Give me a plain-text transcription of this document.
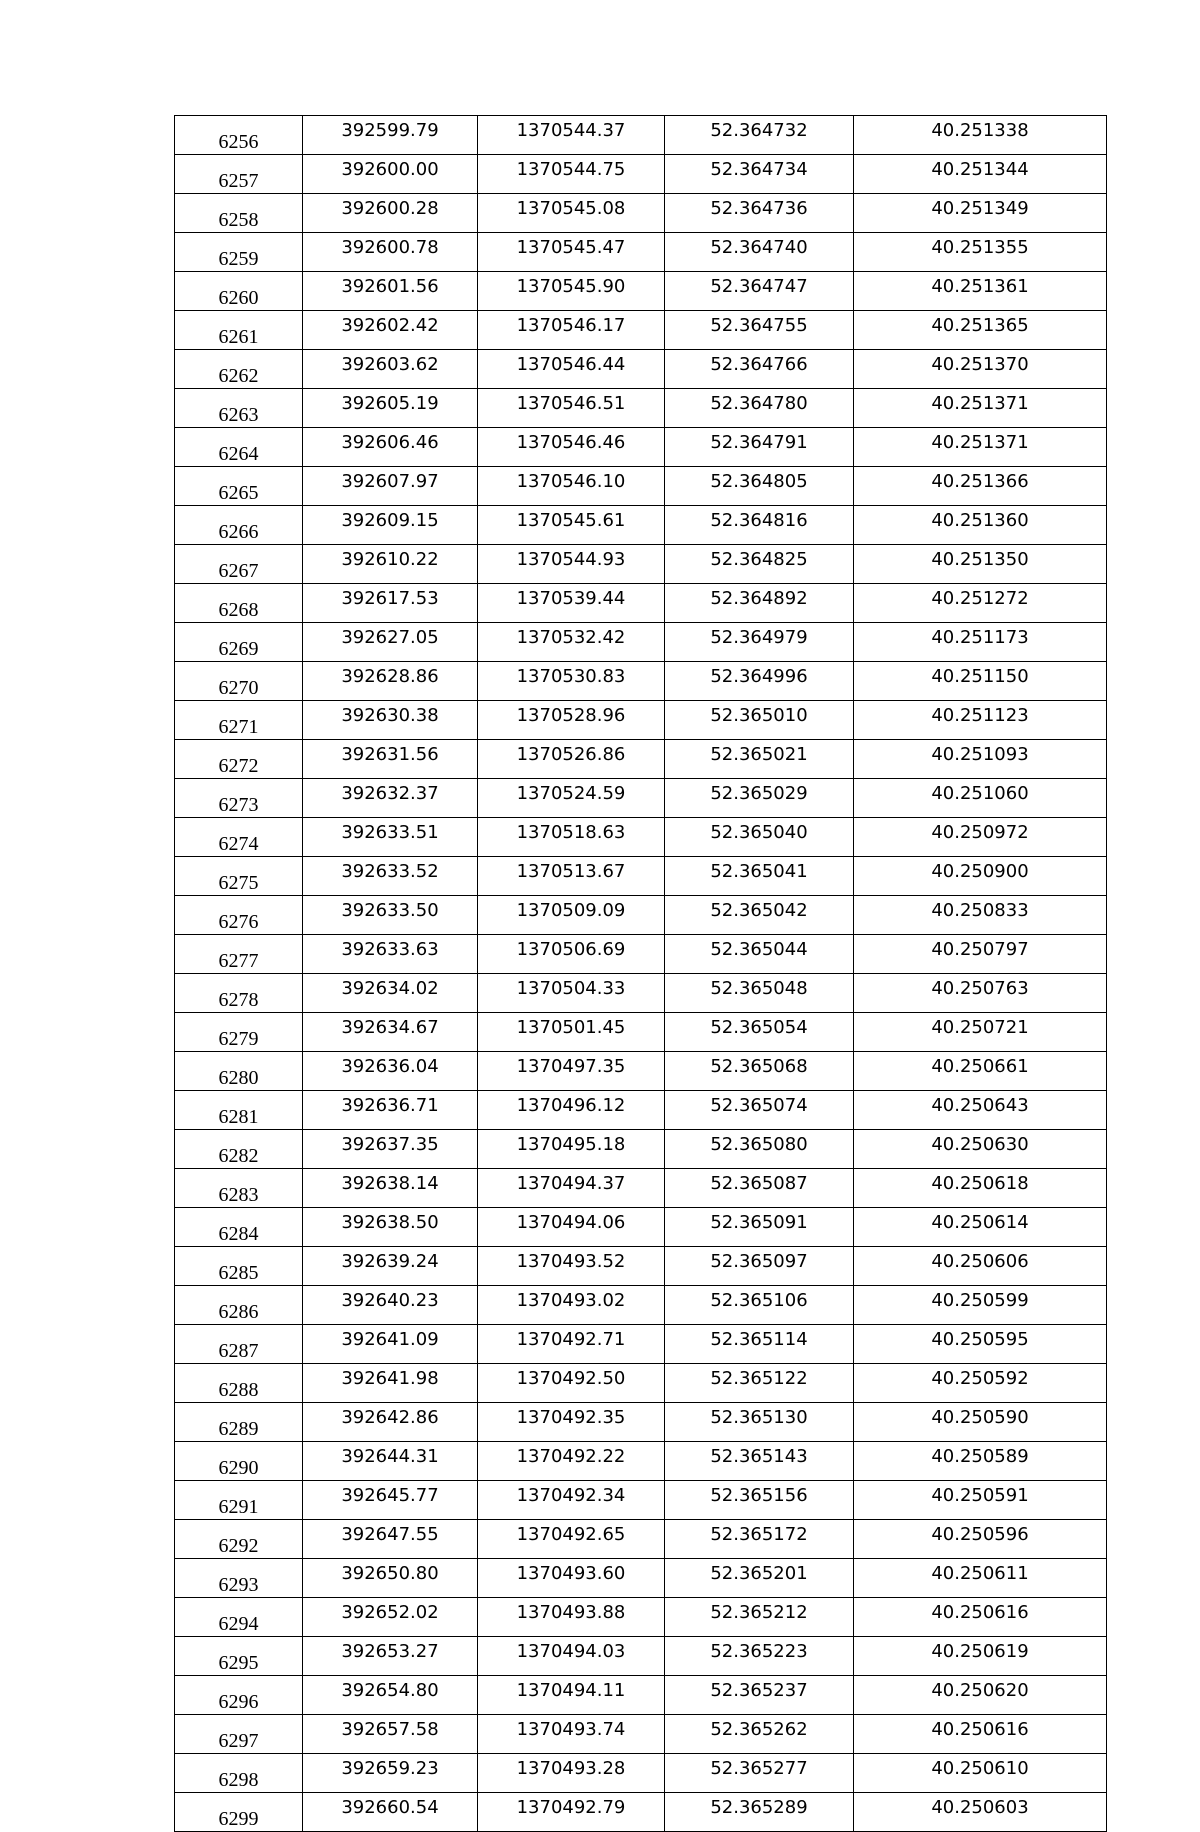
6256	392599.79	1370544.37	52.364732	40.251338
6257	392600.00	1370544.75	52.364734	40.251344
6258	392600.28	1370545.08	52.364736	40.251349
6259	392600.78	1370545.47	52.364740	40.251355
6260	392601.56	1370545.90	52.364747	40.251361
6261	392602.42	1370546.17	52.364755	40.251365
6262	392603.62	1370546.44	52.364766	40.251370
6263	392605.19	1370546.51	52.364780	40.251371
6264	392606.46	1370546.46	52.364791	40.251371
6265	392607.97	1370546.10	52.364805	40.251366
6266	392609.15	1370545.61	52.364816	40.251360
6267	392610.22	1370544.93	52.364825	40.251350
6268	392617.53	1370539.44	52.364892	40.251272
6269	392627.05	1370532.42	52.364979	40.251173
6270	392628.86	1370530.83	52.364996	40.251150
6271	392630.38	1370528.96	52.365010	40.251123
6272	392631.56	1370526.86	52.365021	40.251093
6273	392632.37	1370524.59	52.365029	40.251060
6274	392633.51	1370518.63	52.365040	40.250972
6275	392633.52	1370513.67	52.365041	40.250900
6276	392633.50	1370509.09	52.365042	40.250833
6277	392633.63	1370506.69	52.365044	40.250797
6278	392634.02	1370504.33	52.365048	40.250763
6279	392634.67	1370501.45	52.365054	40.250721
6280	392636.04	1370497.35	52.365068	40.250661
6281	392636.71	1370496.12	52.365074	40.250643
6282	392637.35	1370495.18	52.365080	40.250630
6283	392638.14	1370494.37	52.365087	40.250618
6284	392638.50	1370494.06	52.365091	40.250614
6285	392639.24	1370493.52	52.365097	40.250606
6286	392640.23	1370493.02	52.365106	40.250599
6287	392641.09	1370492.71	52.365114	40.250595
6288	392641.98	1370492.50	52.365122	40.250592
6289	392642.86	1370492.35	52.365130	40.250590
6290	392644.31	1370492.22	52.365143	40.250589
6291	392645.77	1370492.34	52.365156	40.250591
6292	392647.55	1370492.65	52.365172	40.250596
6293	392650.80	1370493.60	52.365201	40.250611
6294	392652.02	1370493.88	52.365212	40.250616
6295	392653.27	1370494.03	52.365223	40.250619
6296	392654.80	1370494.11	52.365237	40.250620
6297	392657.58	1370493.74	52.365262	40.250616
6298	392659.23	1370493.28	52.365277	40.250610
6299	392660.54	1370492.79	52.365289	40.250603
